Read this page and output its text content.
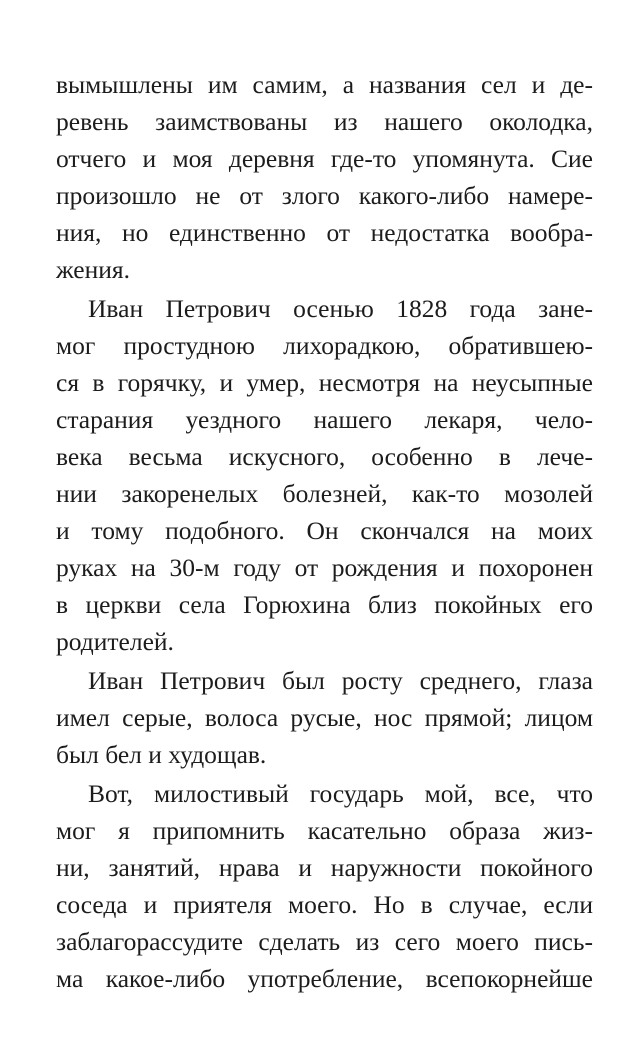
вымышлены им самим, а названия сел и де-
ревень заимствованы из нашего околодка,
отчего и моя деревня где-то упомянута. Сие
произошло не от злого какого-либо намере-
ния, но единственно от недостатка вообра-
жения.
Иван Петрович осенью 1828 года зане-
мог простудною лихорадкою, обратившею-
ся в горячку, и умер, несмотря на неусыпные
старания уездного нашего лекаря, чело-
века весьма искусного, особенно в лече-
нии закоренелых болезней, как-то мозолей
и тому подобного. Он скончался на моих
руках на 30-м году от рождения и похоронен
в церкви села Горюхина близ покойных его
родителей.
Иван Петрович был росту среднего, глаза
имел серые, волоса русые, нос прямой; лицом
был бел и худощав.
Вот, милостивый государь мой, все, что
мог я припомнить касательно образа жиз-
ни, занятий, нрава и наружности покойного
соседа и приятеля моего. Но в случае, если
заблагорассудите сделать из сего моего пись-
ма какое-либо употребление, всепокорнейше
